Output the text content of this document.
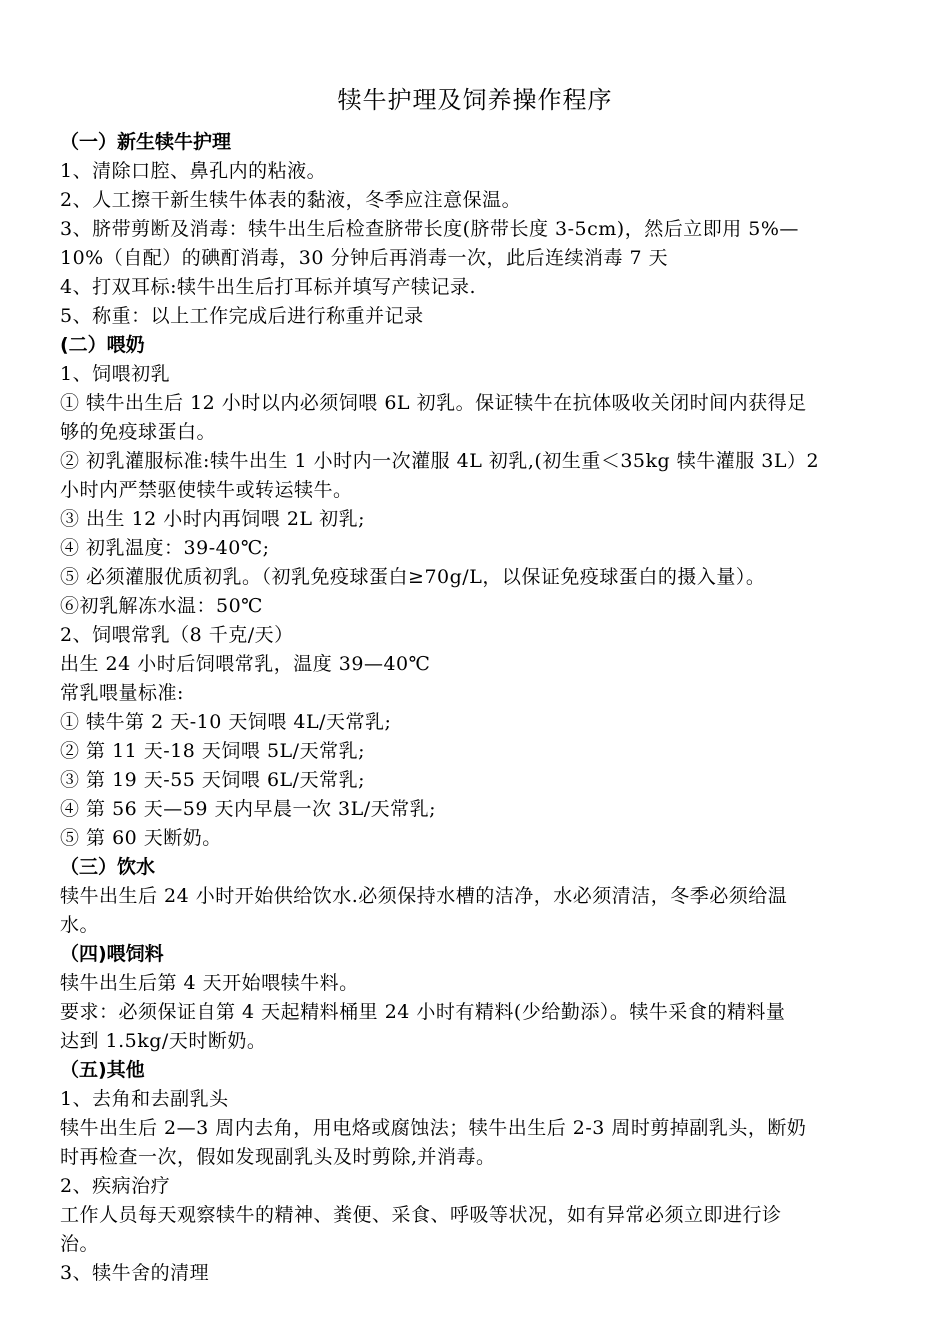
犊牛护理及饲养操作程序
（一）新生犊牛护理
1、清除口腔、鼻孔内的粘液。
2、人工擦干新生犊牛体表的黏液，冬季应注意保温。
3、脐带剪断及消毒：犊牛出生后检查脐带长度(脐带长度 3-5cm)，然后立即用 5%—
10%（自配）的碘酊消毒，30 分钟后再消毒一次，此后连续消毒 7 天
4、打双耳标:犊牛出生后打耳标并填写产犊记录.
5、称重：以上工作完成后进行称重并记录
(二）喂奶
1、饲喂初乳
① 犊牛出生后 12 小时以内必须饲喂 6L 初乳。保证犊牛在抗体吸收关闭时间内获得足
够的免疫球蛋白。
② 初乳灌服标准:犊牛出生 1 小时内一次灌服 4L 初乳,(初生重＜35kg 犊牛灌服 3L）2
小时内严禁驱使犊牛或转运犊牛。
③ 出生 12 小时内再饲喂 2L 初乳;
④ 初乳温度：39-40℃;
⑤ 必须灌服优质初乳。（初乳免疫球蛋白≥70g/L，以保证免疫球蛋白的摄入量）。
⑥初乳解冻水温：50℃
2、饲喂常乳（8 千克/天）
出生 24 小时后饲喂常乳，温度 39—40℃
常乳喂量标准:
① 犊牛第 2 天-10 天饲喂 4L/天常乳;
② 第 11 天-18 天饲喂 5L/天常乳;
③ 第 19 天-55 天饲喂 6L/天常乳;
④ 第 56 天—59 天内早晨一次 3L/天常乳;
⑤ 第 60 天断奶。
（三）饮水
犊牛出生后 24 小时开始供给饮水.必须保持水槽的洁净，水必须清洁，冬季必须给温
水。
（四)喂饲料
犊牛出生后第 4 天开始喂犊牛料。
要求：必须保证自第 4 天起精料桶里 24 小时有精料(少给勤添）。犊牛采食的精料量
达到 1.5kg/天时断奶。
（五)其他
1、去角和去副乳头
犊牛出生后 2—3 周内去角，用电烙或腐蚀法；犊牛出生后 2-3 周时剪掉副乳头，断奶
时再检查一次，假如发现副乳头及时剪除,并消毒。
2、疾病治疗
工作人员每天观察犊牛的精神、粪便、采食、呼吸等状况，如有异常必须立即进行诊
治。
3、犊牛舍的清理
